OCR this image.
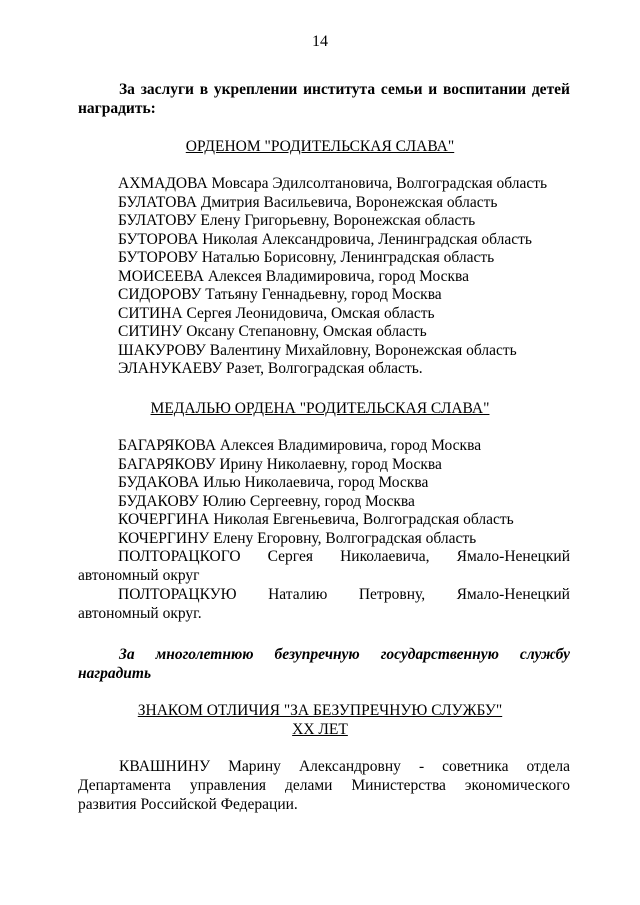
14
За заслуги в укреплении института семьи и воспитании детей наградить:
ОРДЕНОМ "РОДИТЕЛЬСКАЯ СЛАВА"
АХМАДОВА Мовсара Эдилсолтановича, Волгоградская область
БУЛАТОВА Дмитрия Васильевича, Воронежская область
БУЛАТОВУ Елену Григорьевну, Воронежская область
БУТОРОВА Николая Александровича, Ленинградская область
БУТОРОВУ Наталью Борисовну, Ленинградская область
МОИСЕЕВА Алексея Владимировича, город Москва
СИДОРОВУ Татьяну Геннадьевну, город Москва
СИТИНА Сергея Леонидовича, Омская область
СИТИНУ Оксану Степановну, Омская область
ШАКУРОВУ Валентину Михайловну, Воронежская область
ЭЛАНУКАЕВУ Разет, Волгоградская область.
МЕДАЛЬЮ ОРДЕНА "РОДИТЕЛЬСКАЯ СЛАВА"
БАГАРЯКОВА Алексея Владимировича, город Москва
БАГАРЯКОВУ Ирину Николаевну, город Москва
БУДАКОВА Илью Николаевича, город Москва
БУДАКОВУ Юлию Сергеевну, город Москва
КОЧЕРГИНА Николая Евгеньевича, Волгоградская область
КОЧЕРГИНУ Елену Егоровну, Волгоградская область
ПОЛТОРАЦКОГО Сергея Николаевича, Ямало-Ненецкий
автономный округ
ПОЛТОРАЦКУЮ Наталию Петровну, Ямало-Ненецкий
автономный округ.
За многолетнюю безупречную государственную службу наградить
ЗНАКОМ ОТЛИЧИЯ "ЗА БЕЗУПРЕЧНУЮ СЛУЖБУ"
XX ЛЕТ
КВАШНИНУ Марину Александровну - советника отдела Департамента управления делами Министерства экономического развития Российской Федерации.
